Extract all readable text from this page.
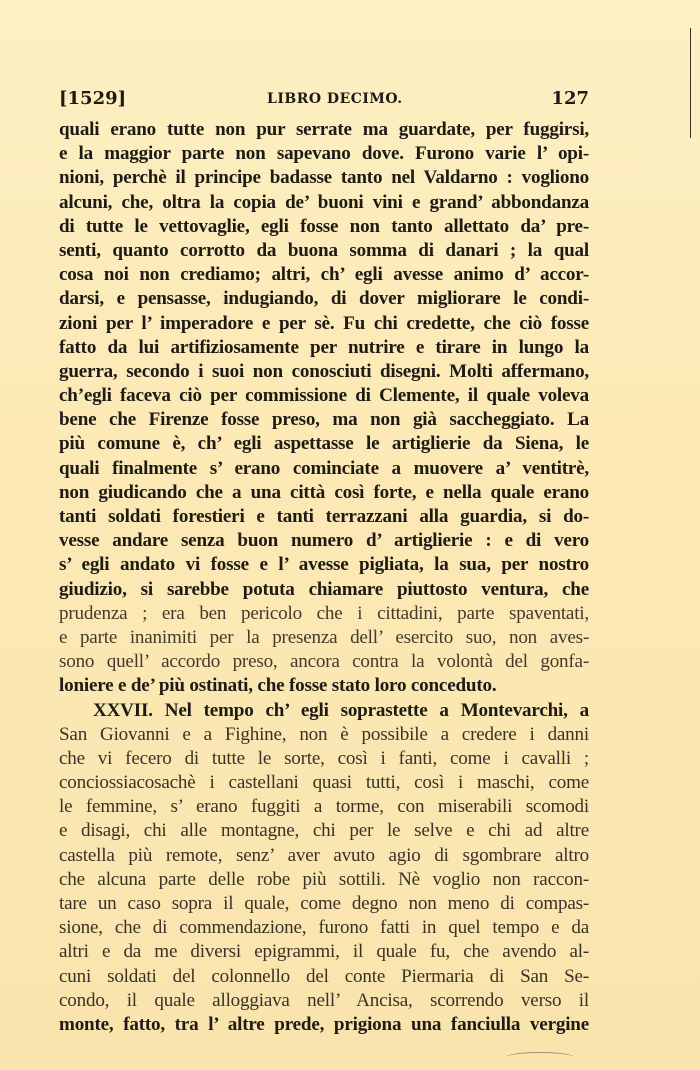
[1529]	LIBRO DECIMO.	127
quali erano tutte non pur serrate ma guardate, per fuggirsi,
e la maggior parte non sapevano dove. Furono varie l’ opi-
nioni, perchè il principe badasse tanto nel Valdarno : vogliono
alcuni, che, oltra la copia de’ buoni vini e grand’ abbondanza
di tutte le vettovaglie, egli fosse non tanto allettato da’ pre-
senti, quanto corrotto da buona somma di danari ; la qual
cosa noi non crediamo; altri, ch’ egli avesse animo d’ accor-
darsi, e pensasse, indugiando, di dover migliorare le condi-
zioni per l’ imperadore e per sè. Fu chi credette, che ciò fosse
fatto da lui artifiziosamente per nutrire e tirare in lungo la
guerra, secondo i suoi non conosciuti disegni. Molti affermano,
ch’egli faceva ciò per commissione di Clemente, il quale voleva
bene che Firenze fosse preso, ma non già saccheggiato. La
più comune è, ch’ egli aspettasse le artiglierie da Siena, le
quali finalmente s’ erano cominciate a muovere a’ ventitrè,
non giudicando che a una città così forte, e nella quale erano
tanti soldati forestieri e tanti terrazzani alla guardia, si do-
vesse andare senza buon numero d’ artiglierie : e di vero
s’ egli andato vi fosse e l’ avesse pigliata, la sua, per nostro
giudizio, si sarebbe potuta chiamare piuttosto ventura, che
prudenza ; era ben pericolo che i cittadini, parte spaventati,
e parte inanimiti per la presenza dell’ esercito suo, non aves-
sono quell’ accordo preso, ancora contra la volontà del gonfa-
loniere e de’ più ostinati, che fosse stato loro conceduto.
XXVII. Nel tempo ch’ egli soprastette a Montevarchi, a
San Giovanni e a Fighine, non è possibile a credere i danni
che vi fecero di tutte le sorte, così i fanti, come i cavalli ;
conciossiacosachè i castellani quasi tutti, così i maschi, come
le femmine, s’ erano fuggiti a torme, con miserabili scomodi
e disagi, chi alle montagne, chi per le selve e chi ad altre
castella più remote, senz’ aver avuto agio di sgombrare altro
che alcuna parte delle robe più sottili. Nè voglio non raccon-
tare un caso sopra il quale, come degno non meno di compas-
sione, che di commendazione, furono fatti in quel tempo e da
altri e da me diversi epigrammi, il quale fu, che avendo al-
cuni soldati del colonnello del conte Piermaria di San Se-
condo, il quale alloggiava nell’ Ancisa, scorrendo verso il
monte, fatto, tra l’ altre prede, prigiona una fanciulla vergine
